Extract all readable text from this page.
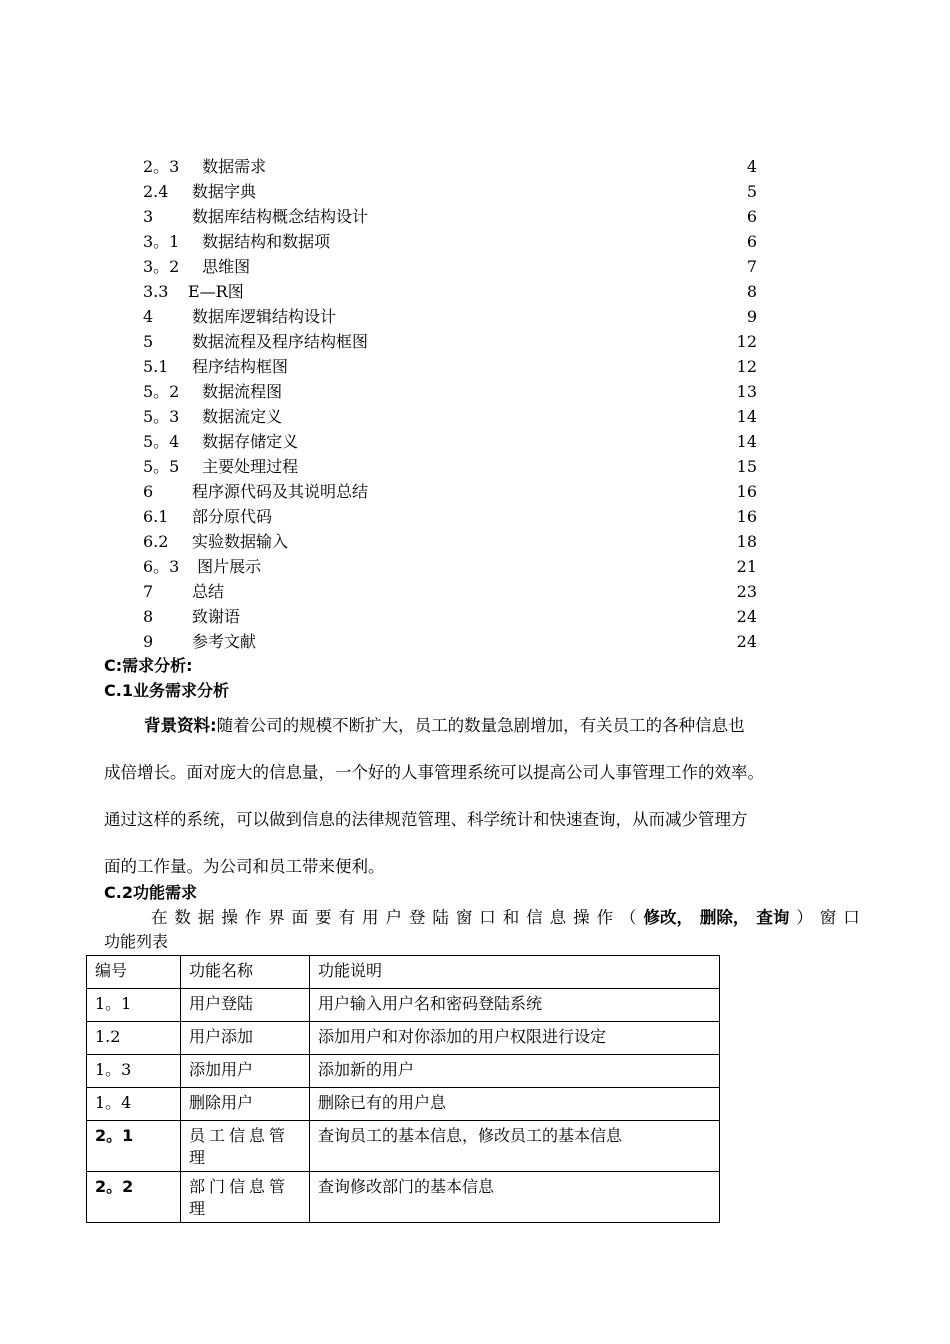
2。3 数据需求	4
2.4 数据字典	5
3 数据库结构概念结构设计	6
3。1 数据结构和数据项	6
3。2 思维图	7
3.3 E—R图	8
4 数据库逻辑结构设计	9
5 数据流程及程序结构框图	12
5.1 程序结构框图	12
5。2 数据流程图	13
5。3 数据流定义	14
5。4 数据存储定义	14
5。5 主要处理过程	15
6 程序源代码及其说明总结	16
6.1 部分原代码	16
6.2 实验数据输入	18
6。3 图片展示	21
7 总结	23
8 致谢语	24
9 参考文献	24
C:需求分析:
C.1业务需求分析
背景资料:随着公司的规模不断扩大，员工的数量急剧增加，有关员工的各种信息也
成倍增长。面对庞大的信息量，一个好的人事管理系统可以提高公司人事管理工作的效率。
通过这样的系统，可以做到信息的法律规范管理、科学统计和快速查询，从而减少管理方
面的工作量。为公司和员工带来便利。
C.2功能需求
在 数 据 操 作 界 面 要 有 用 户 登 陆 窗 口 和 信 息 操 作 （ 修改， 删除， 查询 ） 窗 口
功能列表
编号	功能名称	功能说明
1。1	用户登陆	用户输入用户名和密码登陆系统
1.2	用户添加	添加用户和对你添加的用户权限进行设定
1。3	添加用户	添加新的用户
1。4	删除用户	删除已有的用户息
2。1	员工信息管理	查询员工的基本信息，修改员工的基本信息
2。2	部门信息管理	查询修改部门的基本信息
